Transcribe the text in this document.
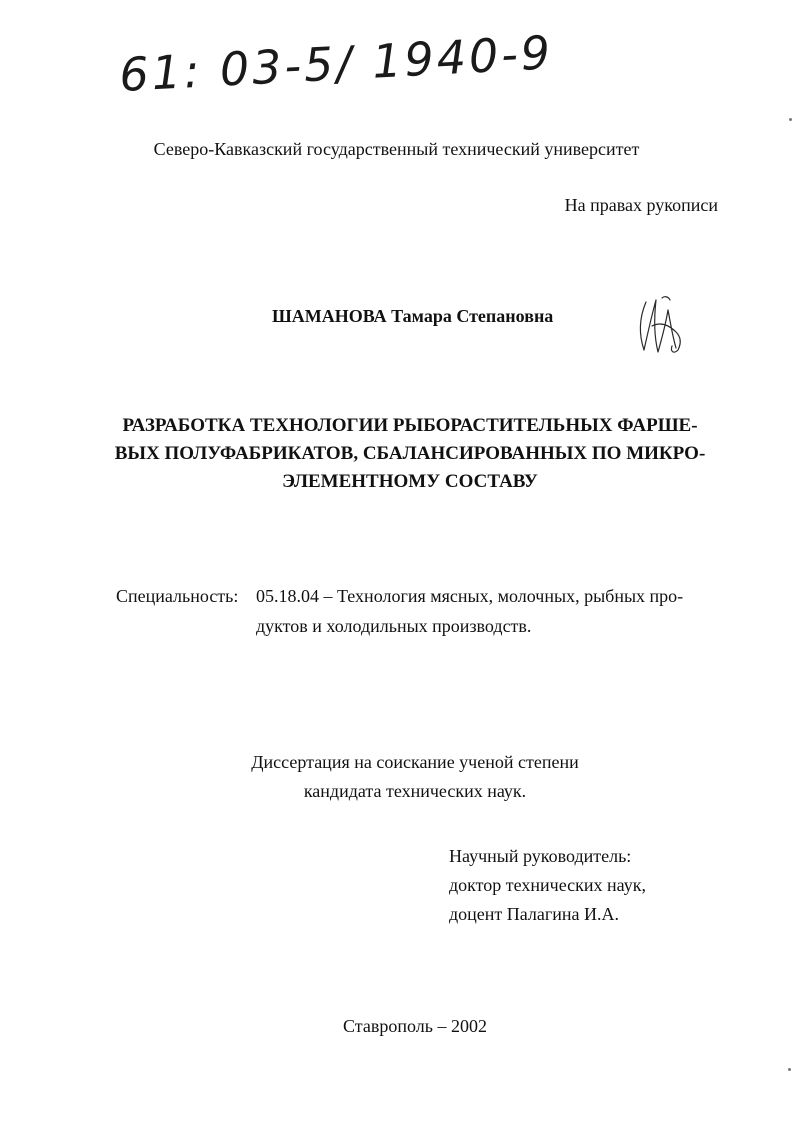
61: 03-5/ 1940-9
Северо-Кавказский государственный технический университет
На правах рукописи
ШАМАНОВА Тамара Степановна
РАЗРАБОТКА ТЕХНОЛОГИИ РЫБОРАСТИТЕЛЬНЫХ ФАРШЕ-
ВЫХ ПОЛУФАБРИКАТОВ, СБАЛАНСИРОВАННЫХ ПО МИКРО-
ЭЛЕМЕНТНОМУ СОСТАВУ
Специальность: 05.18.04 – Технология мясных, молочных, рыбных про-
дуктов и холодильных производств.
Диссертация на соискание ученой степени
кандидата технических наук.
Научный руководитель:
доктор технических наук,
доцент Палагина И.А.
Ставрополь – 2002
